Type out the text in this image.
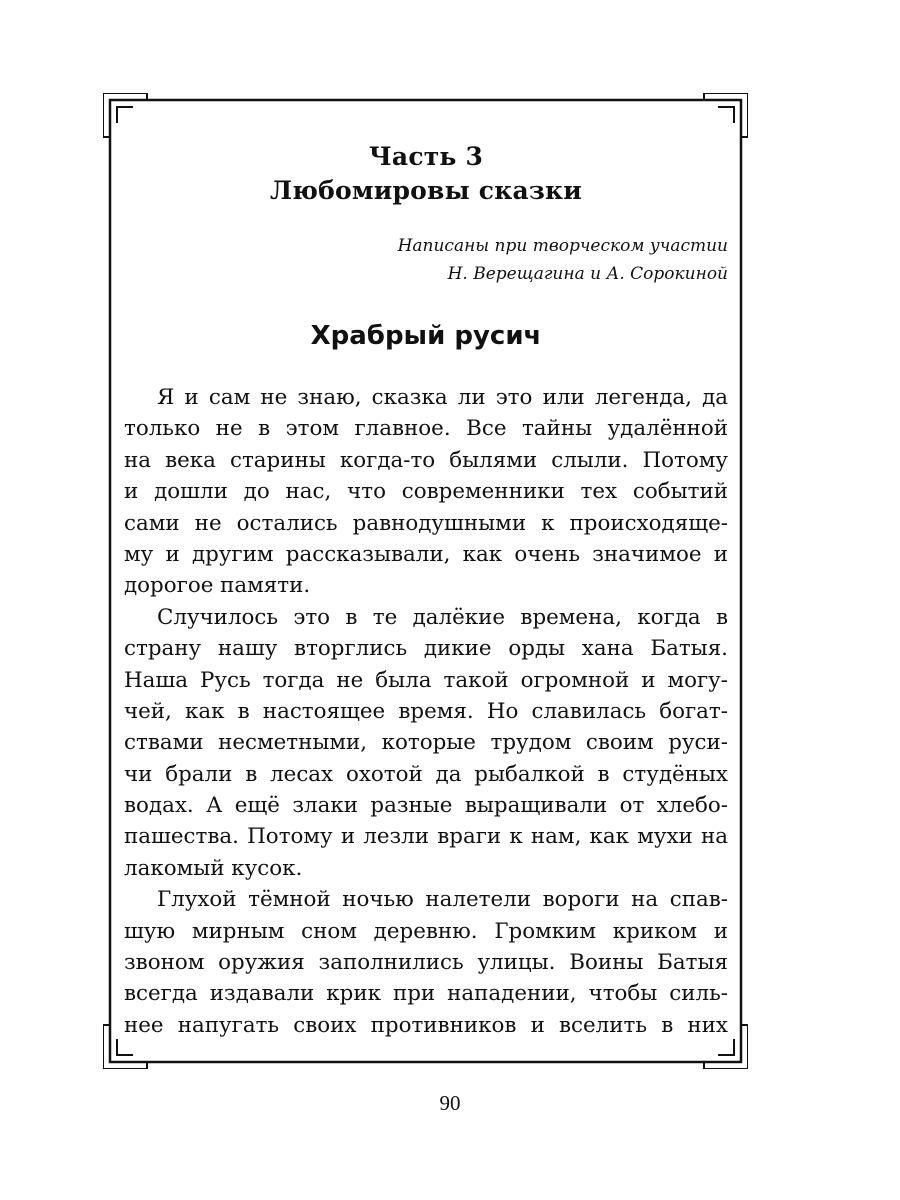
Часть 3
Любомировы сказки
Написаны при творческом участии
Н. Верещагина и А. Сорокиной
Храбрый русич

Я и сам не знаю, сказка ли это или легенда, да
только не в этом главное. Все тайны удалённой
на века старины когда-то былями слыли. Потому
и дошли до нас, что современники тех событий
сами не остались равнодушными к происходяще-
му и другим рассказывали, как очень значимое и
дорогое памяти.

Случилось это в те далёкие времена, когда в
страну нашу вторглись дикие орды хана Батыя.
Наша Русь тогда не была такой огромной и могу-
чей, как в настоящее время. Но славилась богат-
ствами несметными, которые трудом своим руси-
чи брали в лесах охотой да рыбалкой в студёных
водах. А ещё злаки разные выращивали от хлебо-
пашества. Потому и лезли враги к нам, как мухи на
лакомый кусок.

Глухой тёмной ночью налетели вороги на спав-
шую мирным сном деревню. Громким криком и
звоном оружия заполнились улицы. Воины Батыя
всегда издавали крик при нападении, чтобы силь-
нее напугать своих противников и вселить в них

90
